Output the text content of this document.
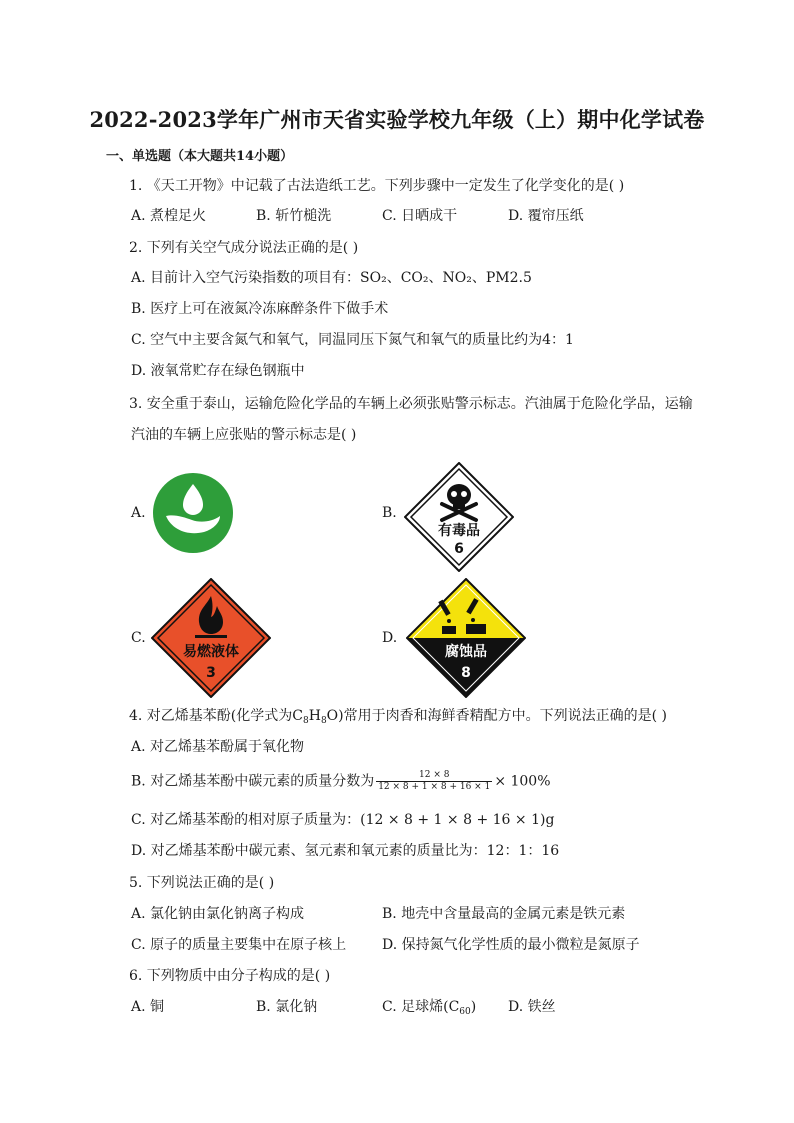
2022-2023学年广州市天省实验学校九年级（上）期中化学试卷
一、单选题（本大题共14小题）
1. 《天工开物》中记载了古法造纸工艺。下列步骤中一定发生了化学变化的是( )
A. 煮楻足火	B. 斩竹槌洗	C. 日晒成干	D. 覆帘压纸
2. 下列有关空气成分说法正确的是( )
A. 目前计入空气污染指数的项目有：SO₂、CO₂、NO₂、PM2.5
B. 医疗上可在液氮冷冻麻醉条件下做手术
C. 空气中主要含氮气和氧气，同温同压下氮气和氧气的质量比约为4：1
D. 液氧常贮存在绿色钢瓶中
3. 安全重于泰山，运输危险化学品的车辆上必须张贴警示标志。汽油属于危险化学品，运输
汽油的车辆上应张贴的警示标志是( )
A.	B.
有毒品
6
C.
易燃液体
3
D.
腐蚀品
8
4. 对乙烯基苯酚(化学式为$C_8H_8O$)常用于肉香和海鲜香精配方中。下列说法正确的是( )
A. 对乙烯基苯酚属于氧化物
B. 对乙烯基苯酚中碳元素的质量分数为 $\frac{12 \times 8}{12 \times 8 + 1 \times 8 + 16 \times 1} \times 100\%$
C. 对乙烯基苯酚的相对原子质量为：(12 × 8 + 1 × 8 + 16 × 1)g
D. 对乙烯基苯酚中碳元素、氢元素和氧元素的质量比为：12：1：16
5. 下列说法正确的是( )
A. 氯化钠由氯化钠离子构成	B. 地壳中含量最高的金属元素是铁元素
C. 原子的质量主要集中在原子核上	D. 保持氮气化学性质的最小微粒是氮原子
6. 下列物质中由分子构成的是( )
A. 铜	B. 氯化钠	C. 足球烯$(C_{60})$ D. 铁丝
